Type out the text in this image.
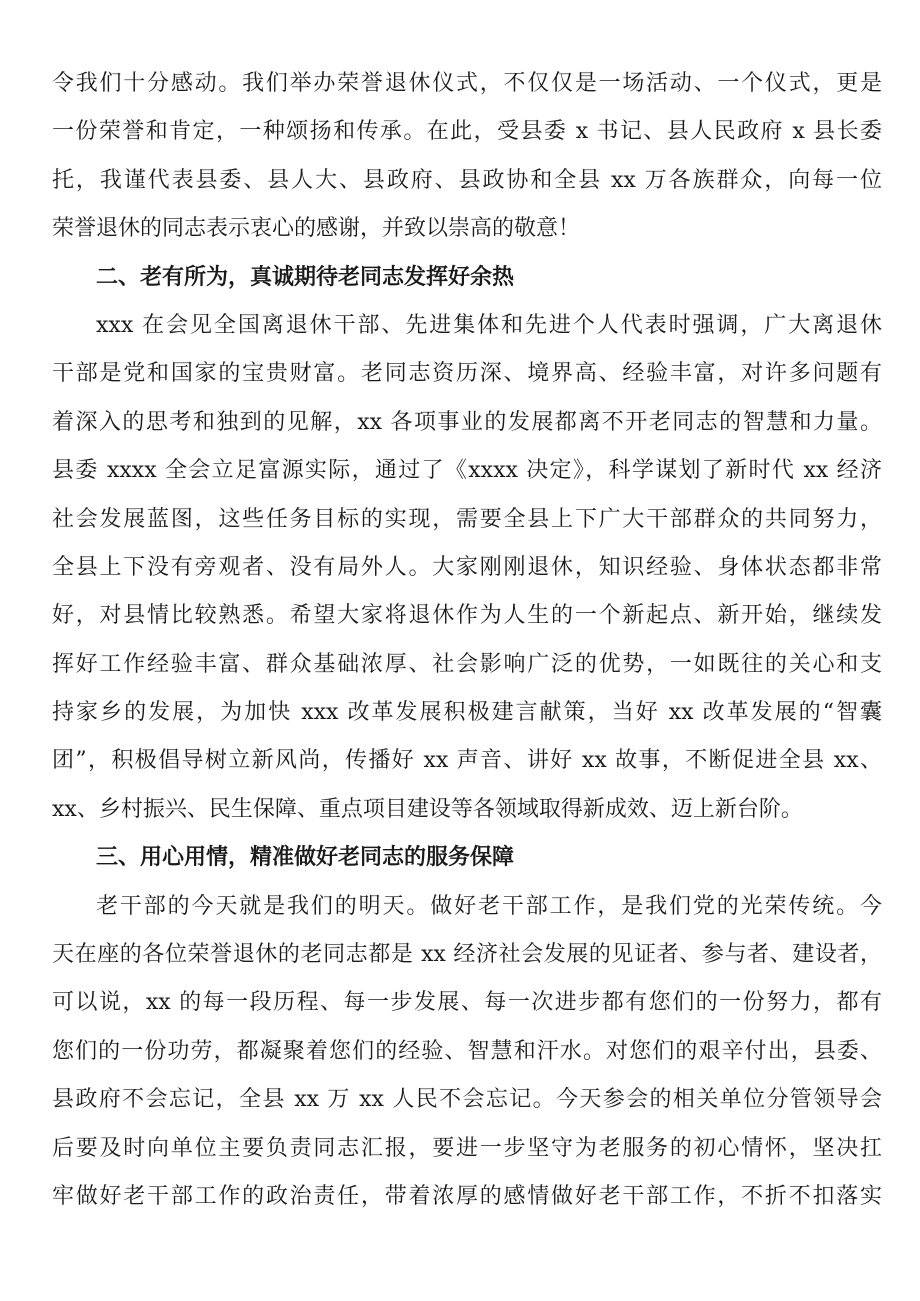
令我们十分感动。我们举办荣誉退休仪式，不仅仅是一场活动、一个仪式，更是
一份荣誉和肯定，一种颂扬和传承。在此，受县委 x 书记、县人民政府 x 县长委
托，我谨代表县委、县人大、县政府、县政协和全县 xx 万各族群众，向每一位
荣誉退休的同志表示衷心的感谢，并致以崇高的敬意！
二、老有所为，真诚期待老同志发挥好余热
xxx 在会见全国离退休干部、先进集体和先进个人代表时强调，广大离退休
干部是党和国家的宝贵财富。老同志资历深、境界高、经验丰富，对许多问题有
着深入的思考和独到的见解，xx 各项事业的发展都离不开老同志的智慧和力量。
县委 xxxx 全会立足富源实际，通过了《xxxx 决定》，科学谋划了新时代 xx 经济
社会发展蓝图，这些任务目标的实现，需要全县上下广大干部群众的共同努力，
全县上下没有旁观者、没有局外人。大家刚刚退休，知识经验、身体状态都非常
好，对县情比较熟悉。希望大家将退休作为人生的一个新起点、新开始，继续发
挥好工作经验丰富、群众基础浓厚、社会影响广泛的优势，一如既往的关心和支
持家乡的发展，为加快 xxx 改革发展积极建言献策，当好 xx 改革发展的“智囊
团”，积极倡导树立新风尚，传播好 xx 声音、讲好 xx 故事，不断促进全县 xx、
xx、乡村振兴、民生保障、重点项目建设等各领域取得新成效、迈上新台阶。
三、用心用情，精准做好老同志的服务保障
老干部的今天就是我们的明天。做好老干部工作，是我们党的光荣传统。今
天在座的各位荣誉退休的老同志都是 xx 经济社会发展的见证者、参与者、建设者，
可以说，xx 的每一段历程、每一步发展、每一次进步都有您们的一份努力，都有
您们的一份功劳，都凝聚着您们的经验、智慧和汗水。对您们的艰辛付出，县委、
县政府不会忘记，全县 xx 万 xx 人民不会忘记。今天参会的相关单位分管领导会
后要及时向单位主要负责同志汇报，要进一步坚守为老服务的初心情怀，坚决扛
牢做好老干部工作的政治责任，带着浓厚的感情做好老干部工作，不折不扣落实
